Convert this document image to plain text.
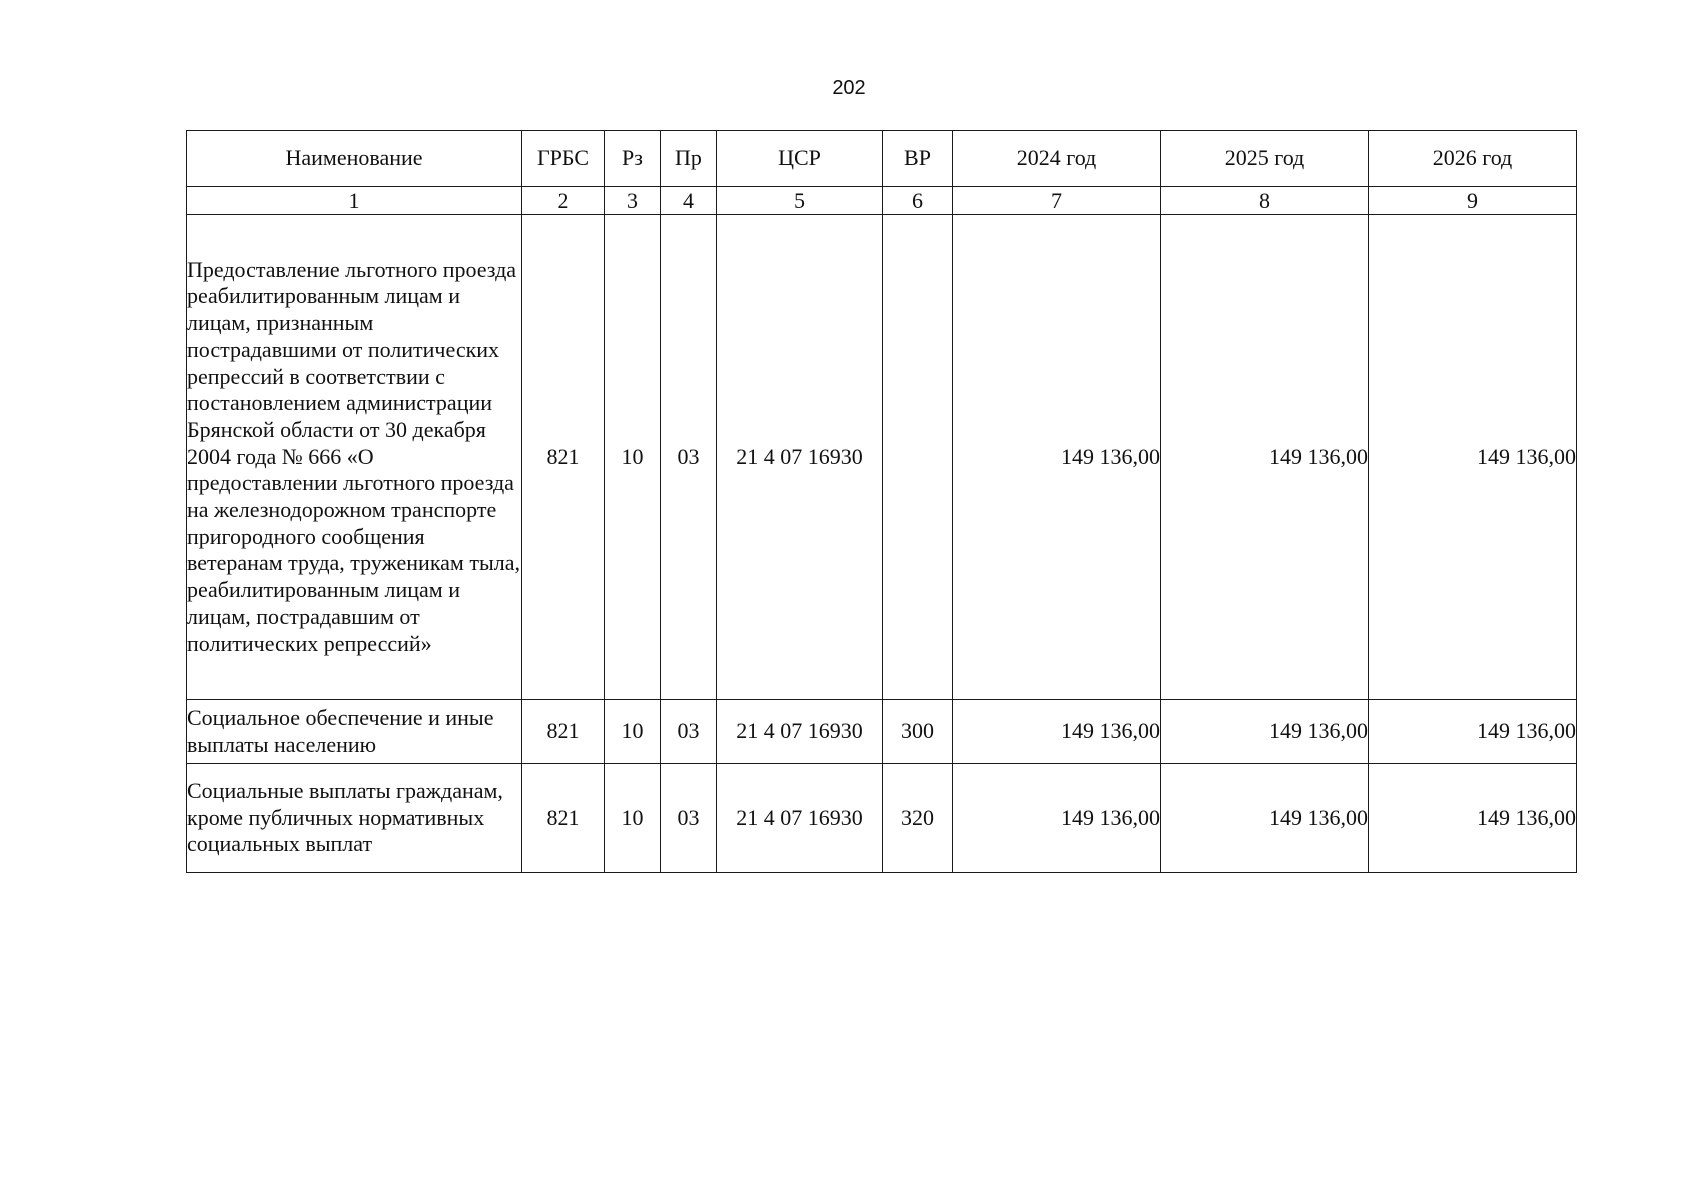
202
Наименование	ГРБС	Рз	Пр	ЦСР	ВР	2024 год	2025 год	2026 год
1	2	3	4	5	6	7	8	9
Предоставление льготного проезда реабилитированным лицам и лицам, признанным пострадавшими от политических репрессий в соответствии с постановлением администрации Брянской области от 30 декабря 2004 года № 666 «О предоставлении льготного проезда на железнодорожном транспорте пригородного сообщения ветеранам труда, труженикам тыла, реабилитированным лицам и лицам, пострадавшим от политических репрессий»	821	10	03	21 4 07 16930		149 136,00	149 136,00	149 136,00
Социальное обеспечение и иные выплаты населению	821	10	03	21 4 07 16930	300	149 136,00	149 136,00	149 136,00
Социальные выплаты гражданам, кроме публичных нормативных социальных выплат	821	10	03	21 4 07 16930	320	149 136,00	149 136,00	149 136,00
